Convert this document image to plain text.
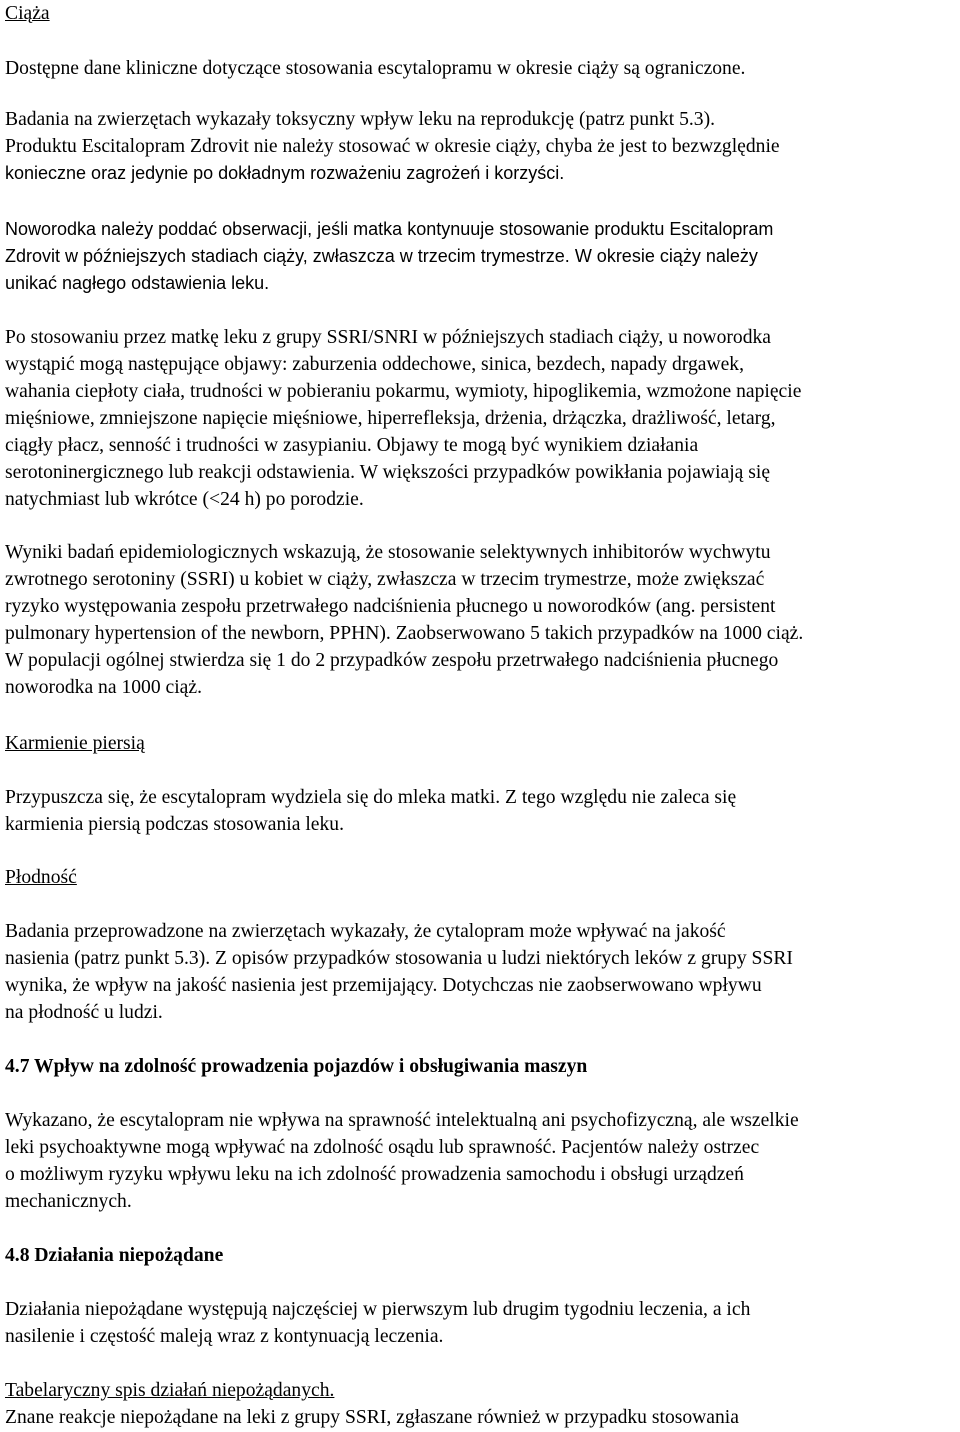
Ciąża
Dostępne dane kliniczne dotyczące stosowania escytalopramu w okresie ciąży są ograniczone.
Badania na zwierzętach wykazały toksyczny wpływ leku na reprodukcję (patrz punkt 5.3).
Produktu Escitalopram Zdrovit nie należy stosować w okresie ciąży, chyba że jest to bezwzględnie
konieczne oraz jedynie po dokładnym rozważeniu zagrożeń i korzyści.
Noworodka należy poddać obserwacji, jeśli matka kontynuuje stosowanie produktu Escitalopram
Zdrovit w późniejszych stadiach ciąży, zwłaszcza w trzecim trymestrze. W okresie ciąży należy
unikać nagłego odstawienia leku.
Po stosowaniu przez matkę leku z grupy SSRI/SNRI w późniejszych stadiach ciąży, u noworodka
wystąpić mogą następujące objawy: zaburzenia oddechowe, sinica, bezdech, napady drgawek,
wahania ciepłoty ciała, trudności w pobieraniu pokarmu, wymioty, hipoglikemia, wzmożone napięcie
mięśniowe, zmniejszone napięcie mięśniowe, hiperrefleksja, drżenia, drżączka, drażliwość, letarg,
ciągły płacz, senność i trudności w zasypianiu. Objawy te mogą być wynikiem działania
serotoninergicznego lub reakcji odstawienia. W większości przypadków powikłania pojawiają się
natychmiast lub wkrótce (<24 h) po porodzie.
Wyniki badań epidemiologicznych wskazują, że stosowanie selektywnych inhibitorów wychwytu
zwrotnego serotoniny (SSRI) u kobiet w ciąży, zwłaszcza w trzecim trymestrze, może zwiększać
ryzyko występowania zespołu przetrwałego nadciśnienia płucnego u noworodków (ang. persistent
pulmonary hypertension of the newborn, PPHN). Zaobserwowano 5 takich przypadków na 1000 ciąż.
W populacji ogólnej stwierdza się 1 do 2 przypadków zespołu przetrwałego nadciśnienia płucnego
noworodka na 1000 ciąż.
Karmienie piersią
Przypuszcza się, że escytalopram wydziela się do mleka matki. Z tego względu nie zaleca się
karmienia piersią podczas stosowania leku.
Płodność
Badania przeprowadzone na zwierzętach wykazały, że cytalopram może wpływać na jakość
nasienia (patrz punkt 5.3). Z opisów przypadków stosowania u ludzi niektórych leków z grupy SSRI
wynika, że wpływ na jakość nasienia jest przemijający. Dotychczas nie zaobserwowano wpływu
na płodność u ludzi.
4.7 Wpływ na zdolność prowadzenia pojazdów i obsługiwania maszyn
Wykazano, że escytalopram nie wpływa na sprawność intelektualną ani psychofizyczną, ale wszelkie
leki psychoaktywne mogą wpływać na zdolność osądu lub sprawność. Pacjentów należy ostrzec
o możliwym ryzyku wpływu leku na ich zdolność prowadzenia samochodu i obsługi urządzeń
mechanicznych.
4.8 Działania niepożądane
Działania niepożądane występują najczęściej w pierwszym lub drugim tygodniu leczenia, a ich
nasilenie i częstość maleją wraz z kontynuacją leczenia.
Tabelaryczny spis działań niepożądanych.
Znane reakcje niepożądane na leki z grupy SSRI, zgłaszane również w przypadku stosowania
